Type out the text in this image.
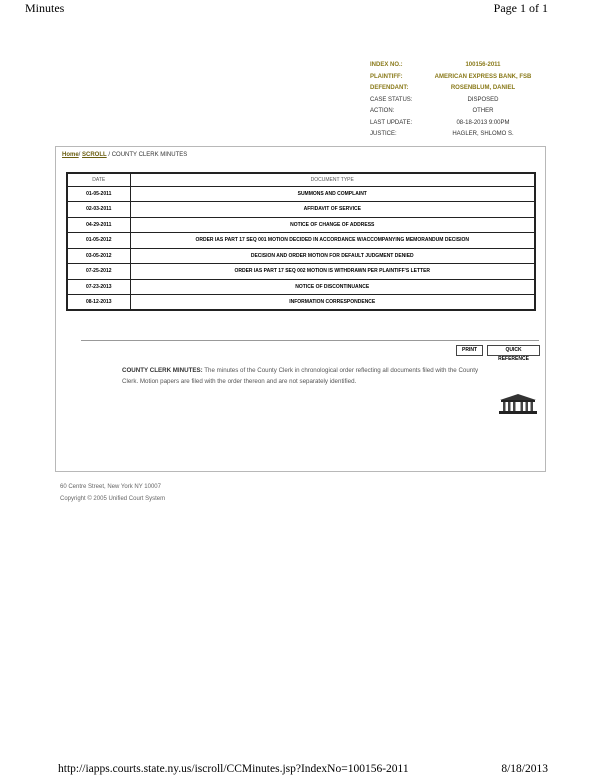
Minutes	Page 1 of 1
INDEX NO.:	100156-2011
PLAINTIFF:	AMERICAN EXPRESS BANK, FSB
DEFENDANT:	ROSENBLUM, DANIEL
CASE STATUS:	DISPOSED
ACTION:	OTHER
LAST UPDATE:	08-18-2013 9:00PM
JUSTICE:	HAGLER, SHLOMO S.
Home/ SCROLL / COUNTY CLERK MINUTES
DATE	DOCUMENT TYPE
01-05-2011	SUMMONS AND COMPLAINT
02-03-2011	AFFIDAVIT OF SERVICE
04-29-2011	NOTICE OF CHANGE OF ADDRESS
01-05-2012	ORDER IAS PART 17 SEQ 001 MOTION DECIDED IN ACCORDANCE W/ACCOMPANYING MEMORANDUM DECISION
03-05-2012	DECISION AND ORDER MOTION FOR DEFAULT JUDGMENT DENIED
07-25-2012	ORDER IAS PART 17 SEQ 002 MOTION IS WITHDRAWN PER PLAINTIFF'S LETTER
07-23-2013	NOTICE OF DISCONTINUANCE
08-12-2013	INFORMATION CORRESPONDENCE
PRINT	QUICK REFERENCE
COUNTY CLERK MINUTES: The minutes of the County Clerk in chronological order reflecting all documents filed with the County Clerk. Motion papers are filed with the order thereon and are not separately identified.
60 Centre Street, New York NY 10007
Copyright © 2005 Unified Court System
http://iapps.courts.state.ny.us/iscroll/CCMinutes.jsp?IndexNo=100156-2011	8/18/2013
